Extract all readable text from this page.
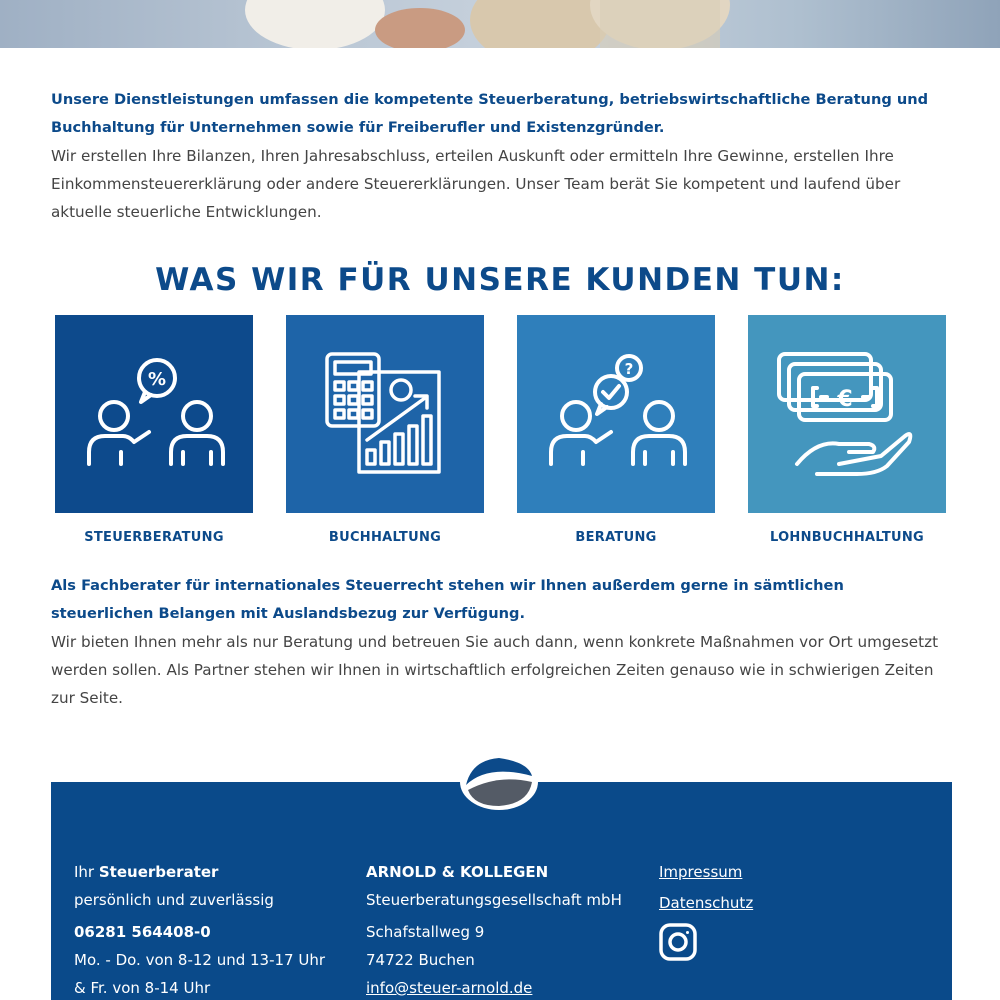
Unsere Dienstleistungen umfassen die kompetente Steuerberatung, betriebswirtschaftliche Beratung und Buchhaltung für Unternehmen sowie für Freiberufler und Existenzgründer.

Wir erstellen Ihre Bilanzen, Ihren Jahresabschluss, erteilen Auskunft oder ermitteln Ihre Gewinne, erstellen Ihre Einkommensteuererklärung oder andere Steuererklärungen. Unser Team berät Sie kompetent und laufend über aktuelle steuerliche Entwicklungen.

WAS WIR FÜR UNSERE KUNDEN TUN:
%
STEUERBERATUNG	BUCHHALTUNG
?
BERATUNG
€
LOHNBUCHHALTUNG

Als Fachberater für internationales Steuerrecht stehen wir Ihnen außerdem gerne in sämtlichen steuerlichen Belangen mit Auslandsbezug zur Verfügung.

Wir bieten Ihnen mehr als nur Beratung und betreuen Sie auch dann, wenn konkrete Maßnahmen vor Ort umgesetzt werden sollen. Als Partner stehen wir Ihnen in wirtschaftlich erfolgreichen Zeiten genauso wie in schwierigen Zeiten zur Seite.

Ihr Steuerberater
persönlich und zuverlässig
06281 564408-0
Mo. - Do. von 8-12 und 13-17 Uhr
& Fr. von 8-14 Uhr
ARNOLD & KOLLEGEN
Steuerberatungsgesellschaft mbH
Schafstallweg 9
74722 Buchen
info@steuer-arnold.de
Impressum
Datenschutz
